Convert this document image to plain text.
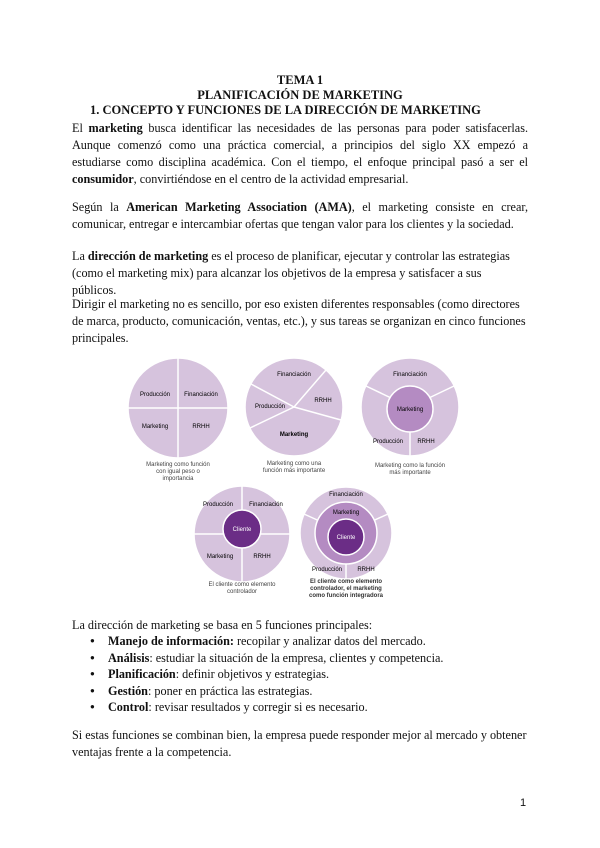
TEMA 1
PLANIFICACIÓN DE MARKETING
1. CONCEPTO Y FUNCIONES DE LA DIRECCIÓN DE MARKETING

El marketing busca identificar las necesidades de las personas para poder satisfacerlas. Aunque comenzó como una práctica comercial, a principios del siglo XX empezó a estudiarse como disciplina académica. Con el tiempo, el enfoque principal pasó a ser el consumidor, convirtiéndose en el centro de la actividad empresarial.

Según la American Marketing Association (AMA), el marketing consiste en crear, comunicar, entregar e intercambiar ofertas que tengan valor para los clientes y la sociedad.

La dirección de marketing es el proceso de planificar, ejecutar y controlar las estrategias (como el marketing mix) para alcanzar los objetivos de la empresa y satisfacer a sus públicos.

Dirigir el marketing no es sencillo, por eso existen diferentes responsables (como directores de marca, producto, comunicación, ventas, etc.), y sus tareas se organizan en cinco funciones principales.

Producción Financiación
Marketing	RRHH
Marketing como función
con igual peso o
importancia
Financiación
Producción
RRHH
Marketing
Marketing como una
función más importante
Financiación
Marketing
Producción RRHH
Marketing como la función
más importante
Producción	Financiación
Cliente
Marketing	RRHH
El cliente como elemento
controlador
Financiación
Marketing
Cliente
Producción	RRHH
El cliente como elemento
controlador, el marketing
como función integradora

La dirección de marketing se basa en 5 funciones principales:

● Manejo de información: recopilar y analizar datos del mercado.
● Análisis: estudiar la situación de la empresa, clientes y competencia.
● Planificación: definir objetivos y estrategias.
● Gestión: poner en práctica las estrategias.
● Control: revisar resultados y corregir si es necesario.

Si estas funciones se combinan bien, la empresa puede responder mejor al mercado y obtener ventajas frente a la competencia.

1
